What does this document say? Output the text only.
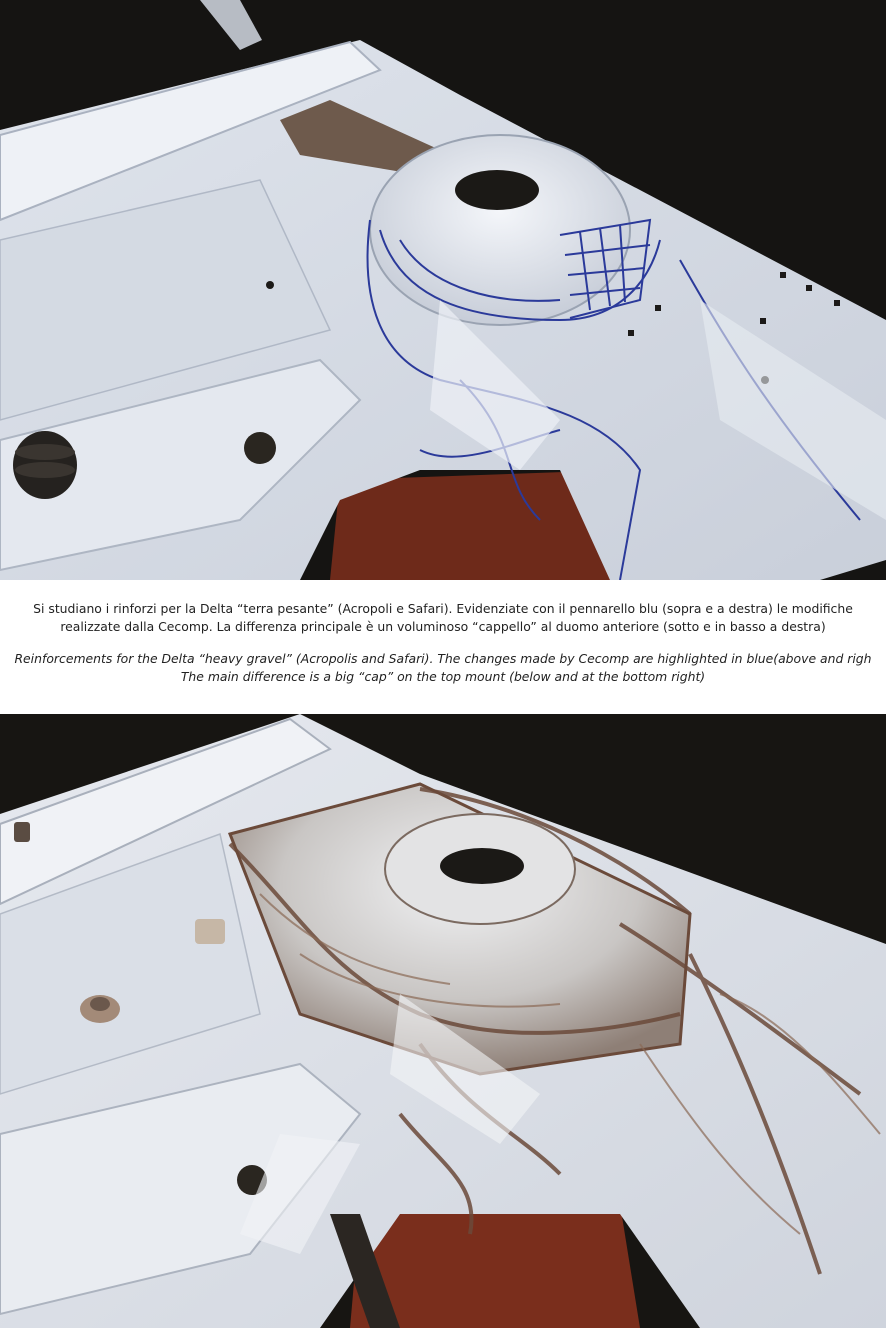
Si studiano i rinforzi per la Delta “terra pesante” (Acropoli e Safari). Evidenziate con il pennarello blu (sopra e a destra) le modifiche

realizzate dalla Cecomp. La differenza principale è un voluminoso “cappello” al duomo anteriore (sotto e in basso a destra)

Reinforcements for the Delta “heavy gravel” (Acropolis and Safari). The changes made by Cecomp are highlighted in blue(above and righ

The main difference is a big “cap” on the top mount (below and at the bottom right)
